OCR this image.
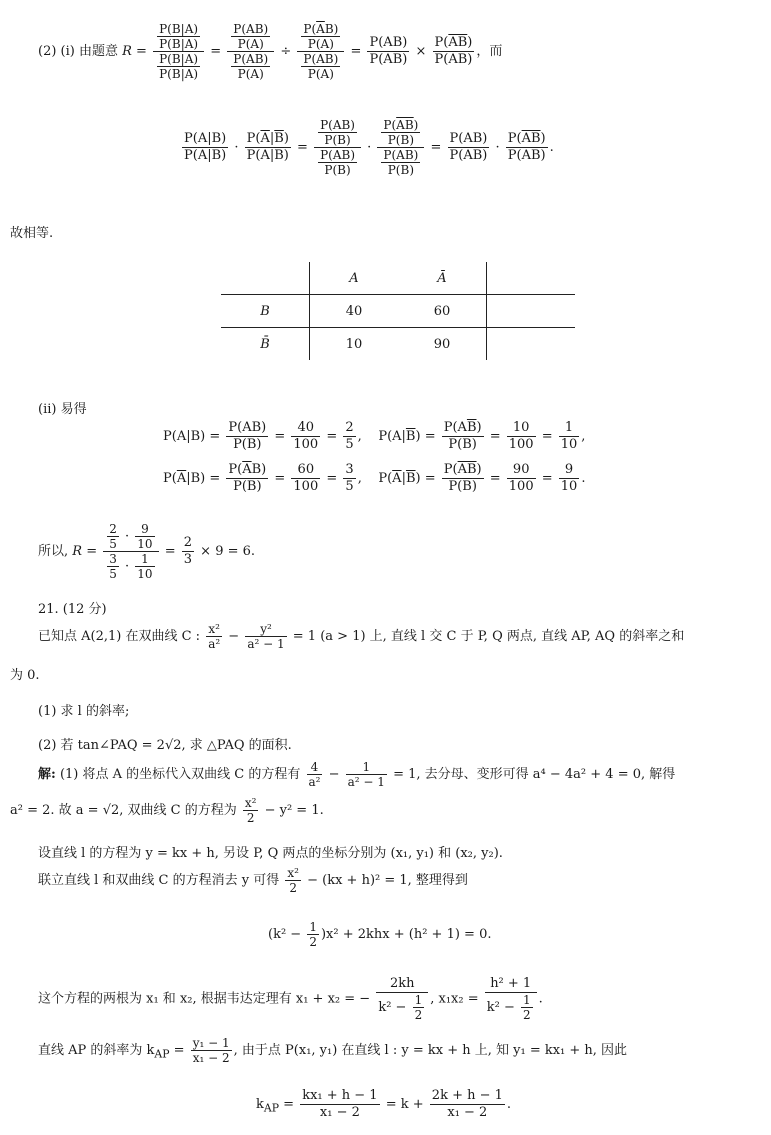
(2) (i) 由题意 $R = \frac{\frac{P(B|A)}{P(\overline{B}|A)}}{\frac{P(B|\overline{A})}{P(\overline{B}|\overline{A})}} = \frac{\frac{P(AB)}{P(A)}}{\frac{P(A\overline{B})}{P(A)}} \div \frac{\frac{P(\overline{A}B)}{P(\overline{A})}}{\frac{P(\overline{AB})}{P(\overline{A})}} = \frac{P(AB)}{P(A\overline{B})} \times \frac{P(\overline{AB})}{P(\overline{A}B)}$ ，而
$\frac{P(A|B)}{P(\overline{A}|B)} \cdot \frac{P(\overline{A}|\overline{B})}{P(A|\overline{B})} = \frac{\frac{P(AB)}{P(B)}}{\frac{P(\overline{A}B)}{P(B)}} \cdot \frac{\frac{P(\overline{AB})}{P(\overline{B})}}{\frac{P(A\overline{B})}{P(\overline{B})}} = \frac{P(AB)}{P(\overline{A}B)} \cdot \frac{P(\overline{AB})}{P(A\overline{B})}$ .
故相等.
	A	Ā	
B	40	60	
B̄	10	90	
(ii) 易得
$P(A|B) = \frac{P(AB)}{P(B)} = \frac{40}{100} = \frac{2}{5}$ ,    $P(A|\overline{B}) = \frac{P(A\overline{B})}{P(\overline{B})} = \frac{10}{100} = \frac{1}{10}$ ,
$P(\overline{A}|B) = \frac{P(\overline{A}B)}{P(B)} = \frac{60}{100} = \frac{3}{5}$ ,    $P(\overline{A}|\overline{B}) = \frac{P(\overline{AB})}{P(\overline{B})} = \frac{90}{100} = \frac{9}{10}$ .
所以, $R = \frac{\frac{2}{5} \cdot \frac{9}{10}}{\frac{3}{5} \cdot \frac{1}{10}} = \frac{2}{3} \times 9 = 6$.
21. (12 分)
已知点 A(2,1) 在双曲线 C : $\frac{\text{x²}}{\text{a²}} - \frac{\text{y²}}{\text{a² − 1}} = 1$ (a > 1) 上, 直线 l 交 C 于 P, Q 两点, 直线 AP, AQ 的斜率之和
为 0.
(1) 求 l 的斜率;
(2) 若 tan∠PAQ = 2√2, 求 △PAQ 的面积.
解: (1) 将点 A 的坐标代入双曲线 C 的方程有 $\frac{4}{\text{a²}} - \frac{1}{\text{a² − 1}} = 1$, 去分母、变形可得 a⁴ − 4a² + 4 = 0, 解得
a² = 2. 故 a = √2, 双曲线 C 的方程为 $\frac{\text{x²}}{2} - y^2 = 1$.
设直线 l 的方程为 y = kx + h, 另设 P, Q 两点的坐标分别为 (x₁, y₁) 和 (x₂, y₂).
联立直线 l 和双曲线 C 的方程消去 y 可得 $\frac{\text{x²}}{2} - (kx + h)^2 = 1$, 整理得到
$(k^2 - \frac{1}{2} )x^2 + 2khx + (h^2 + 1) = 0$.
这个方程的两根为 x₁ 和 x₂, 根据韦达定理有 x₁ + x₂ = − $\frac{2kh}{k^2 - \frac{1}{2}}$ , $x_1x_2 = \frac{\text{h² + 1}}{k^2 - \frac{1}{2}}$ .
直线 AP 的斜率为 $k_{AP} = \frac{\text{y₁ − 1}}{\text{x₁ − 2}}$ , 由于点 P(x₁, y₁) 在直线 l : y = kx + h 上, 知 y₁ = kx₁ + h, 因此
$k_{AP} = \frac{\text{kx₁ + h − 1}}{\text{x₁ − 2}} = k + \frac{2k + h - 1}{\text{x₁ − 2}}$ .
